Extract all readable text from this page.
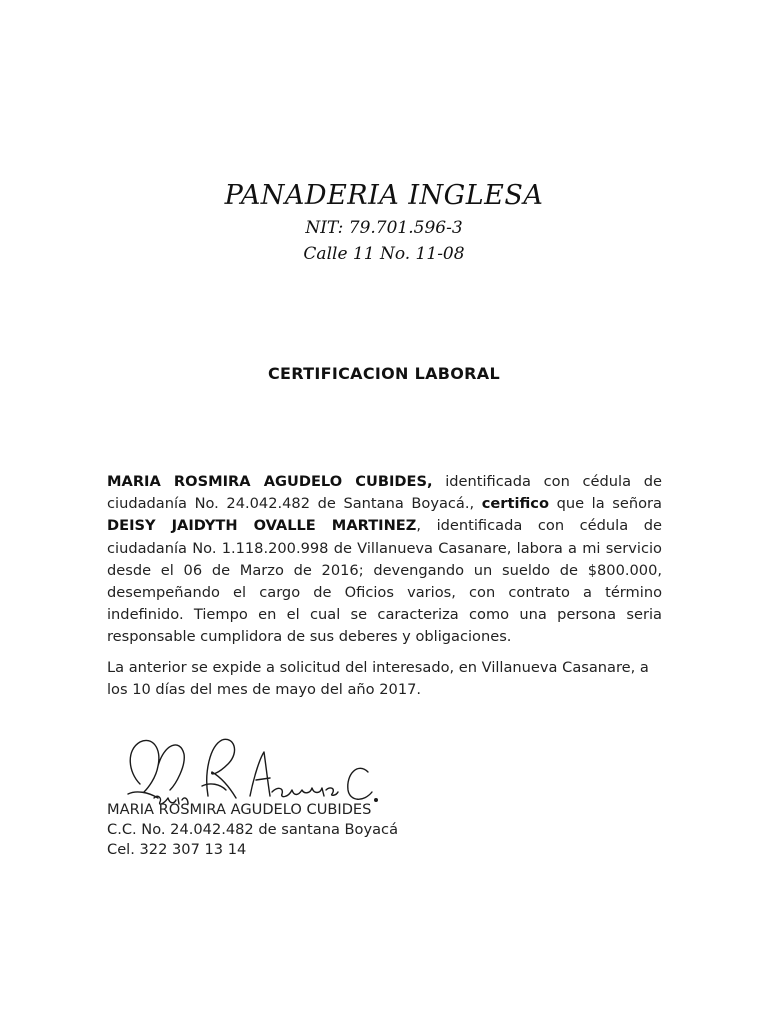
PANADERIA INGLESA
NIT: 79.701.596-3
Calle 11 No. 11-08
CERTIFICACION LABORAL
MARIA ROSMIRA AGUDELO CUBIDES, identificada con cédula de ciudadanía No. 24.042.482 de Santana Boyacá., certifico que la señora DEISY JAIDYTH OVALLE MARTINEZ, identificada con cédula de ciudadanía No. 1.118.200.998 de Villanueva Casanare, labora a mi servicio desde el 06 de Marzo de 2016; devengando un sueldo de $800.000, desempeñando el cargo de Oficios varios, con contrato a término indefinido. Tiempo en el cual se caracteriza como una persona seria responsable cumplidora de sus deberes y obligaciones.
La anterior se expide a solicitud del interesado, en Villanueva Casanare, a los 10 días del mes de mayo del año 2017.
MARIA ROSMIRA AGUDELO CUBIDES
C.C. No. 24.042.482 de santana Boyacá
Cel. 322 307 13 14
